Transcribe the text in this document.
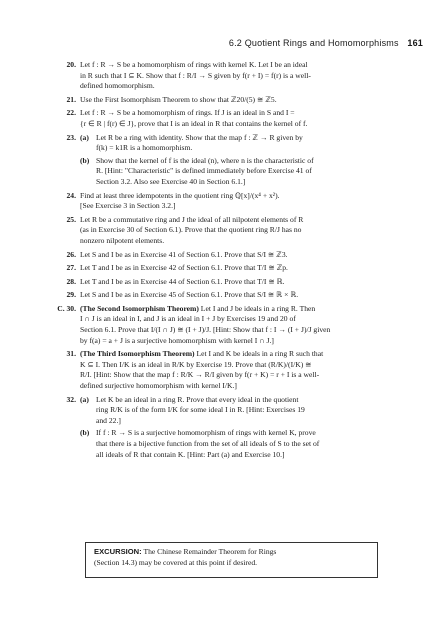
6.2 Quotient Rings and Homomorphisms 161
20. Let f : R → S be a homomorphism of rings with kernel K. Let I be an ideal
in R such that I ⊆ K. Show that f : R/I → S given by f(r + I) = f(r) is a well-
defined homomorphism.
21. Use the First Isomorphism Theorem to show that ℤ20/(5) ≅ ℤ5.
22. Let f : R → S be a homomorphism of rings. If J is an ideal in S and I =
{r ∈ R | f(r) ∈ J}, prove that I is an ideal in R that contains the kernel of f.
23. (a) Let R be a ring with identity. Show that the map f : ℤ → R given by
f(k) = k1R is a homomorphism.
(b) Show that the kernel of f is the ideal (n), where n is the characteristic of
R. [Hint: "Characteristic" is defined immediately before Exercise 41 of
Section 3.2. Also see Exercise 40 in Section 6.1.]
24. Find at least three idempotents in the quotient ring ℚ[x]/(x⁴ + x²).
[See Exercise 3 in Section 3.2.]
25. Let R be a commutative ring and J the ideal of all nilpotent elements of R
(as in Exercise 30 of Section 6.1). Prove that the quotient ring R/J has no
nonzero nilpotent elements.
26. Let S and I be as in Exercise 41 of Section 6.1. Prove that S/I ≅ ℤ3.
27. Let T and I be as in Exercise 42 of Section 6.1. Prove that T/I ≅ ℤp.
28. Let T and I be as in Exercise 44 of Section 6.1. Prove that T/I ≅ ℝ.
29. Let S and I be as in Exercise 45 of Section 6.1. Prove that S/I ≅ ℝ × ℝ.
C. 30. (The Second Isomorphism Theorem) Let I and J be ideals in a ring R. Then
I ∩ J is an ideal in I, and J is an ideal in I + J by Exercises 19 and 20 of
Section 6.1. Prove that I/(I ∩ J) ≅ (I + J)/J. [Hint: Show that f : I → (I + J)/J given
by f(a) = a + J is a surjective homomorphism with kernel I ∩ J.]
31. (The Third Isomorphism Theorem) Let I and K be ideals in a ring R such that
K ⊆ I. Then I/K is an ideal in R/K by Exercise 19. Prove that (R/K)/(I/K) ≅
R/I. [Hint: Show that the map f : R/K → R/I given by f(r + K) = r + I is a well-
defined surjective homomorphism with kernel I/K.]
32. (a) Let K be an ideal in a ring R. Prove that every ideal in the quotient
ring R/K is of the form I/K for some ideal I in R. [Hint: Exercises 19
and 22.]
(b) If f : R → S is a surjective homomorphism of rings with kernel K, prove
that there is a bijective function from the set of all ideals of S to the set of
all ideals of R that contain K. [Hint: Part (a) and Exercise 10.]
EXCURSION: The Chinese Remainder Theorem for Rings
(Section 14.3) may be covered at this point if desired.
